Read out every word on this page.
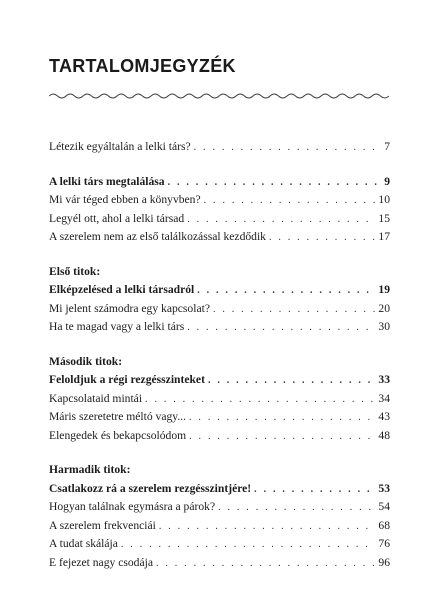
TARTALOMJEGYZÉK
Létezik egyáltalán a lelki társ? . . .	7
A lelki társ megtalálása . . .	9
Mi vár téged ebben a könyvben? . . .	10
Legyél ott, ahol a lelki társad . . .	15
A szerelem nem az első találkozással kezdődik . . .	17
Első titok:
Elképzelésed a lelki társadról . . .	19
Mi jelent számodra egy kapcsolat? . . .	20
Ha te magad vagy a lelki társ . . .	30
Második titok:
Feloldjuk a régi rezgésszinteket . . .	33
Kapcsolataid mintái . . .	34
Máris szeretetre méltó vagy... . . .	43
Elengedek és bekapcsolódom . . .	48
Harmadik titok:
Csatlakozz rá a szerelem rezgésszintjére! . . .	53
Hogyan találnak egymásra a párok? . . .	54
A szerelem frekvenciái . . .	68
A tudat skálája . . .	76
E fejezet nagy csodája . . .	96
